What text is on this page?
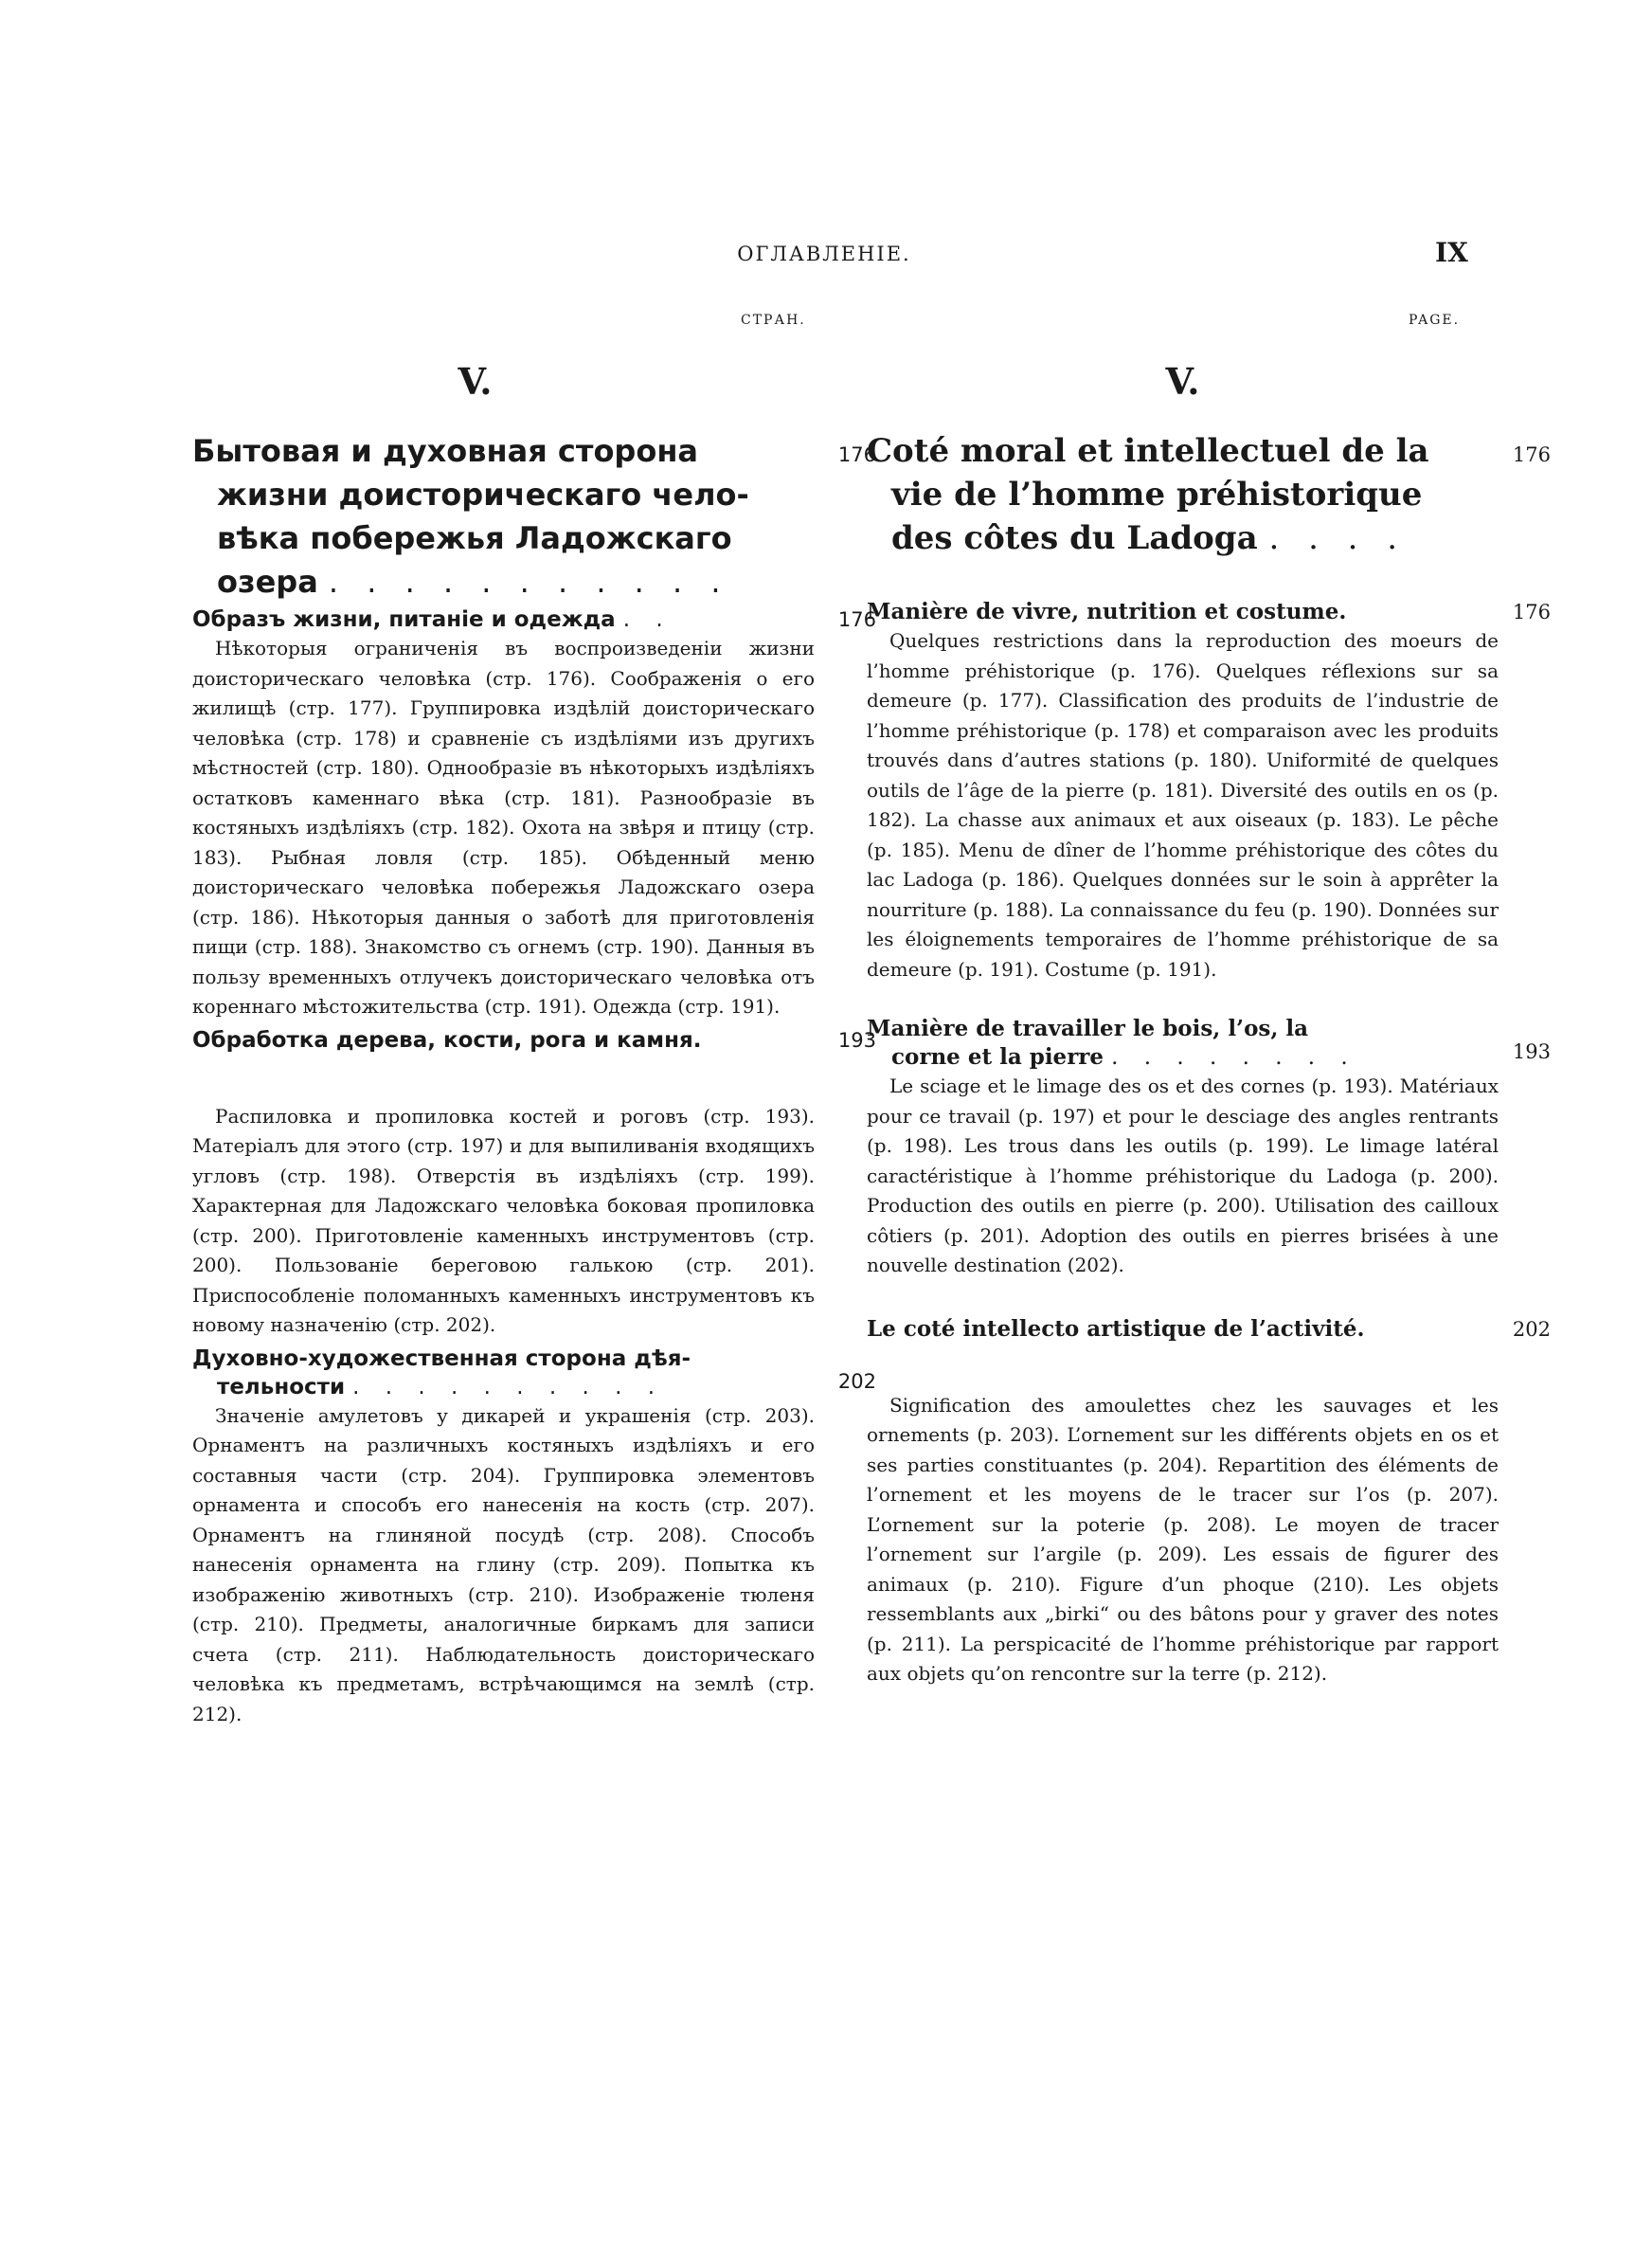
ОГЛАВЛЕНIЕ.	IX
СТРАН.	PAGE.
V.
Бытовая и духовная сторона
жизни доисторическаго чело-
вѣка побережья Ладожскаго
озера . . . . . . . . . . .
176
Образъ жизни, питанiе и одежда . .	176

Нѣкоторыя ограниченiя въ воспроизведенiи жизни доисторическаго человѣка (стр. 176). Соображенiя о его жилищѣ (стр. 177). Группировка издѣлiй доисторическаго человѣка (стр. 178) и сравненiе съ издѣлiями изъ другихъ мѣстностей (стр. 180). Однообразiе въ нѣкоторыхъ издѣлiяхъ остатковъ каменнаго вѣка (стр. 181). Разнообразiе въ костяныхъ издѣлiяхъ (стр. 182). Охота на звѣря и птицу (стр. 183). Рыбная ловля (стр. 185). Обѣденный меню доисторическаго человѣка побережья Ладожскаго озера (стр. 186). Нѣкоторыя данныя о заботѣ для приготовленiя пищи (стр. 188). Знакомство съ огнемъ (стр. 190). Данныя въ пользу временныхъ отлучекъ доисторическаго человѣка отъ кореннаго мѣстожительства (стр. 191). Одежда (стр. 191).

Обработка дерева, кости, рога и камня.	193

Распиловка и пропиловка костей и роговъ (стр. 193). Матерiалъ для этого (стр. 197) и для выпиливанiя входящихъ угловъ (стр. 198). Отверстiя въ издѣлiяхъ (стр. 199). Характерная для Ладожскаго человѣка боковая пропиловка (стр. 200). Приготовленiе каменныхъ инструментовъ (стр. 200). Пользованiе береговою галькою (стр. 201). Приспособленiе поломанныхъ каменныхъ инструментовъ къ новому назначенiю (стр. 202).

Духовно-художественная сторона дѣя-
тельности . . . . . . . . . .	202

Значенiе амулетовъ у дикарей и украшенiя (стр. 203). Орнаментъ на различныхъ костяныхъ издѣлiяхъ и его составныя части (стр. 204). Группировка элементовъ орнамента и способъ его нанесенiя на кость (стр. 207). Орнаментъ на глиняной посудѣ (стр. 208). Способъ нанесенiя орнамента на глину (стр. 209). Попытка къ изображенiю животныхъ (стр. 210). Изображенiе тюленя (стр. 210). Предметы, аналогичные биркамъ для записи счета (стр. 211). Наблюдательность доисторическаго человѣка къ предметамъ, встрѣчающимся на землѣ (стр. 212).

V.
Coté moral et intellectuel de la
vie de l’homme préhistorique
des côtes du Ladoga . . . .
176
Manière de vivre, nutrition et costume.	176

Quelques restrictions dans la reproduction des moeurs de l’homme préhistorique (p. 176). Quelques réflexions sur sa demeure (p. 177). Classification des produits de l’industrie de l’homme préhistorique (p. 178) et comparaison avec les produits trouvés dans d’autres stations (p. 180). Uniformité de quelques outils de l’âge de la pierre (p. 181). Diversité des outils en os (p. 182). La chasse aux animaux et aux oiseaux (p. 183). Le pêche (p. 185). Menu de dîner de l’homme préhistorique des côtes du lac Ladoga (p. 186). Quelques données sur le soin à apprêter la nourriture (p. 188). La connaissance du feu (p. 190). Données sur les éloignements temporaires de l’homme préhistorique de sa demeure (p. 191). Costume (p. 191).

Manière de travailler le bois, l’os, la
corne et la pierre . . . . . . . .	193

Le sciage et le limage des os et des cornes (p. 193). Matériaux pour ce travail (p. 197) et pour le desciage des angles rentrants (p. 198). Les trous dans les outils (p. 199). Le limage latéral caractéristique à l’homme préhistorique du Ladoga (p. 200). Production des outils en pierre (p. 200). Utilisation des cailloux côtiers (p. 201). Adoption des outils en pierres brisées à une nouvelle destination (202).

Le coté intellecto artistique de l’activité.	202

Signification des amoulettes chez les sauvages et les ornements (p. 203). L’ornement sur les différents objets en os et ses parties constituantes (p. 204). Repartition des éléments de l’ornement et les moyens de le tracer sur l’os (p. 207). L’ornement sur la poterie (p. 208). Le moyen de tracer l’ornement sur l’argile (p. 209). Les essais de figurer des animaux (p. 210). Figure d’un phoque (210). Les objets ressemblants aux „birki“ ou des bâtons pour y graver des notes (p. 211). La perspicacité de l’homme préhistorique par rapport aux objets qu’on rencontre sur la terre (p. 212).
